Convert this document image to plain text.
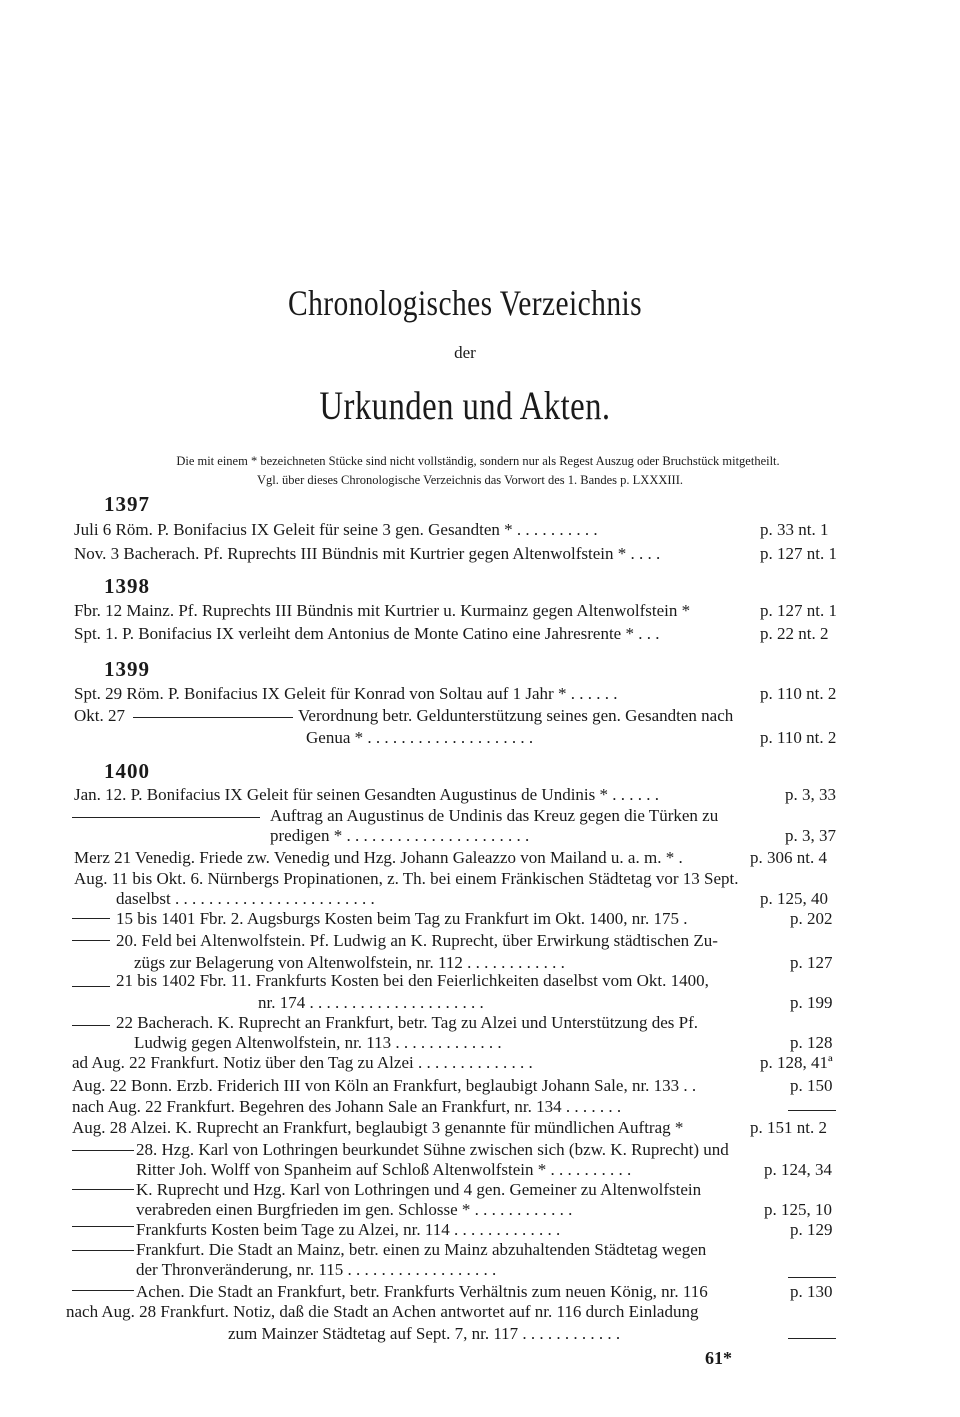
Chronologisches Verzeichnis
der
Urkunden und Akten.
Die mit einem * bezeichneten Stücke sind nicht vollständig, sondern nur als Regest Auszug oder Bruchstück mitgetheilt.
Vgl. über dieses Chronologische Verzeichnis das Vorwort des 1. Bandes p. LXXXIII.
1397
1398
1399
1400
Juli 6 Röm. P. Bonifacius IX Geleit für seine 3 gen. Gesandten * . . . . . . . . . .	p. 33 nt. 1
Nov. 3 Bacherach. Pf. Ruprechts III Bündnis mit Kurtrier gegen Altenwolfstein * . . . .	p. 127 nt. 1
Fbr. 12 Mainz. Pf. Ruprechts III Bündnis mit Kurtrier u. Kurmainz gegen Altenwolfstein *	p. 127 nt. 1
Spt. 1. P. Bonifacius IX verleiht dem Antonius de Monte Catino eine Jahresrente * . . .	p. 22 nt. 2
Spt. 29 Röm. P. Bonifacius IX Geleit für Konrad von Soltau auf 1 Jahr * . . . . . .	p. 110 nt. 2
Okt. 27	Verordnung betr. Geldunterstützung seines gen. Gesandten nach
Genua * . . . . . . . . . . . . . . . . . . . .	p. 110 nt. 2
Jan. 12. P. Bonifacius IX Geleit für seinen Gesandten Augustinus de Undinis * . . . . . .	p. 3, 33
Auftrag an Augustinus de Undinis das Kreuz gegen die Türken zu
predigen * . . . . . . . . . . . . . . . . . . . . . .	p. 3, 37
Merz 21 Venedig. Friede zw. Venedig und Hzg. Johann Galeazzo von Mailand u. a. m. * .	p. 306 nt. 4
Aug. 11 bis Okt. 6. Nürnbergs Propinationen, z. Th. bei einem Fränkischen Städtetag vor 13 Sept.
daselbst . . . . . . . . . . . . . . . . . . . . . . . .	p. 125, 40
15 bis 1401 Fbr. 2. Augsburgs Kosten beim Tag zu Frankfurt im Okt. 1400, nr. 175 .	p. 202
20. Feld bei Altenwolfstein. Pf. Ludwig an K. Ruprecht, über Erwirkung städtischen Zu-
zügs zur Belagerung von Altenwolfstein, nr. 112 . . . . . . . . . . . .	p. 127
21 bis 1402 Fbr. 11. Frankfurts Kosten bei den Feierlichkeiten daselbst vom Okt. 1400,
nr. 174 . . . . . . . . . . . . . . . . . . . . .	p. 199
22 Bacherach. K. Ruprecht an Frankfurt, betr. Tag zu Alzei und Unterstützung des Pf.
Ludwig gegen Altenwolfstein, nr. 113 . . . . . . . . . . . . .	p. 128
ad Aug. 22 Frankfurt. Notiz über den Tag zu Alzei . . . . . . . . . . . . . .	p. 128, 41ª
Aug. 22 Bonn. Erzb. Friderich III von Köln an Frankfurt, beglaubigt Johann Sale, nr. 133 . .	p. 150
nach Aug. 22 Frankfurt. Begehren des Johann Sale an Frankfurt, nr. 134 . . . . . . .
Aug. 28 Alzei. K. Ruprecht an Frankfurt, beglaubigt 3 genannte für mündlichen Auftrag *	p. 151 nt. 2
28. Hzg. Karl von Lothringen beurkundet Sühne zwischen sich (bzw. K. Ruprecht) und
Ritter Joh. Wolff von Spanheim auf Schloß Altenwolfstein * . . . . . . . . . .	p. 124, 34
K. Ruprecht und Hzg. Karl von Lothringen und 4 gen. Gemeiner zu Altenwolfstein
verabreden einen Burgfrieden im gen. Schlosse * . . . . . . . . . . . .	p. 125, 10
Frankfurts Kosten beim Tage zu Alzei, nr. 114 . . . . . . . . . . . . .	p. 129
Frankfurt. Die Stadt an Mainz, betr. einen zu Mainz abzuhaltenden Städtetag wegen
der Thronveränderung, nr. 115 . . . . . . . . . . . . . . . . . .
Achen. Die Stadt an Frankfurt, betr. Frankfurts Verhältnis zum neuen König, nr. 116	p. 130
nach Aug. 28 Frankfurt. Notiz, daß die Stadt an Achen antwortet auf nr. 116 durch Einladung
zum Mainzer Städtetag auf Sept. 7, nr. 117 . . . . . . . . . . . .
61*
